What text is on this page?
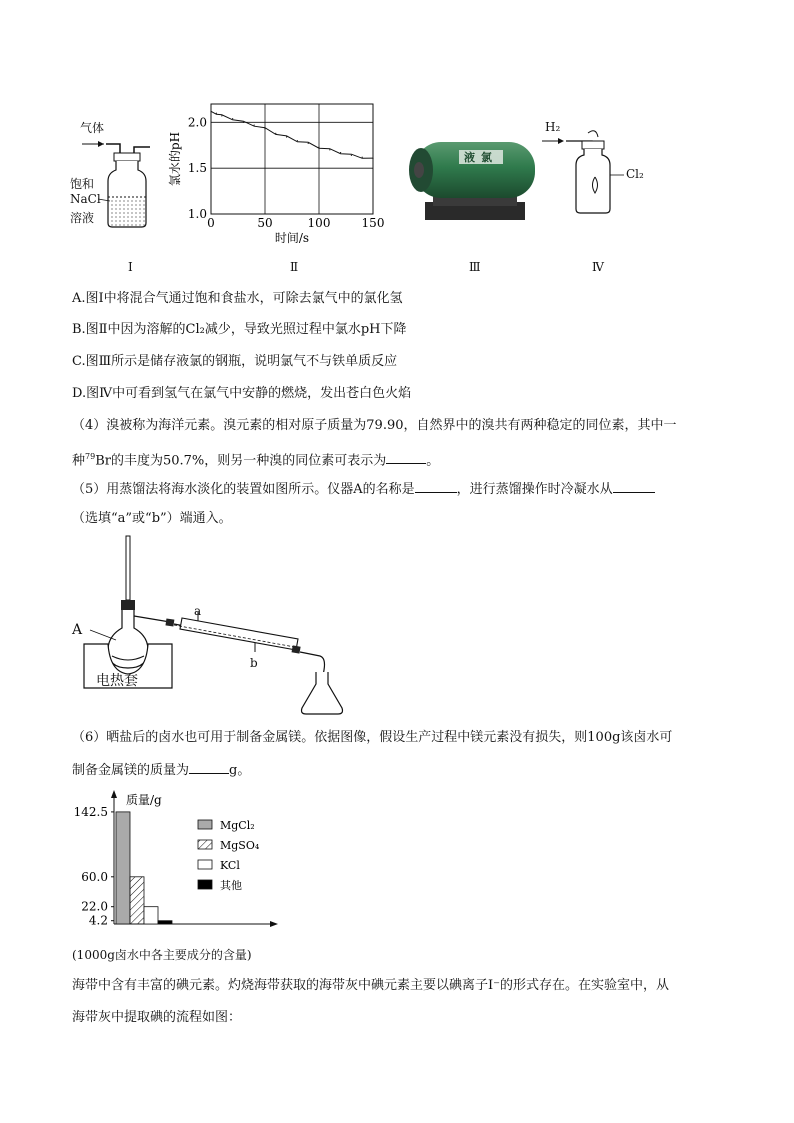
气体
饱和
NaCl
溶液
Ⅰ
1.0
1.5
2.0
0	50	100	150
时间/s
氯水的pH
Ⅱ
液氯
Ⅲ
H₂
Cl₂
Ⅳ
A.图Ⅰ中将混合气通过饱和食盐水，可除去氯气中的氯化氢
B.图Ⅱ中因为溶解的Cl₂减少，导致光照过程中氯水pH下降
C.图Ⅲ所示是储存液氯的钢瓶，说明氯气不与铁单质反应
D.图Ⅳ中可看到氢气在氯气中安静的燃烧，发出苍白色火焰
（4）溴被称为海洋元素。溴元素的相对原子质量为79.90，自然界中的溴共有两种稳定的同位素，其中一
种$^{79}$Br的丰度为50.7%，则另一种溴的同位素可表示为	。
（5）用蒸馏法将海水淡化的装置如图所示。仪器A的名称是	，进行蒸馏操作时冷凝水从
（选填“a”或“b”）端通入。
A
a
b
电热套
（6）晒盐后的卤水也可用于制备金属镁。依据图像，假设生产过程中镁元素没有损失，则100g该卤水可
制备金属镁的质量为	g。
质量/g
142.5
60.0
22.0
4.2
MgCl₂
MgSO₄
KCl
其他
(1000g卤水中各主要成分的含量)
海带中含有丰富的碘元素。灼烧海带获取的海带灰中碘元素主要以碘离子I⁻的形式存在。在实验室中，从
海带灰中提取碘的流程如图：
